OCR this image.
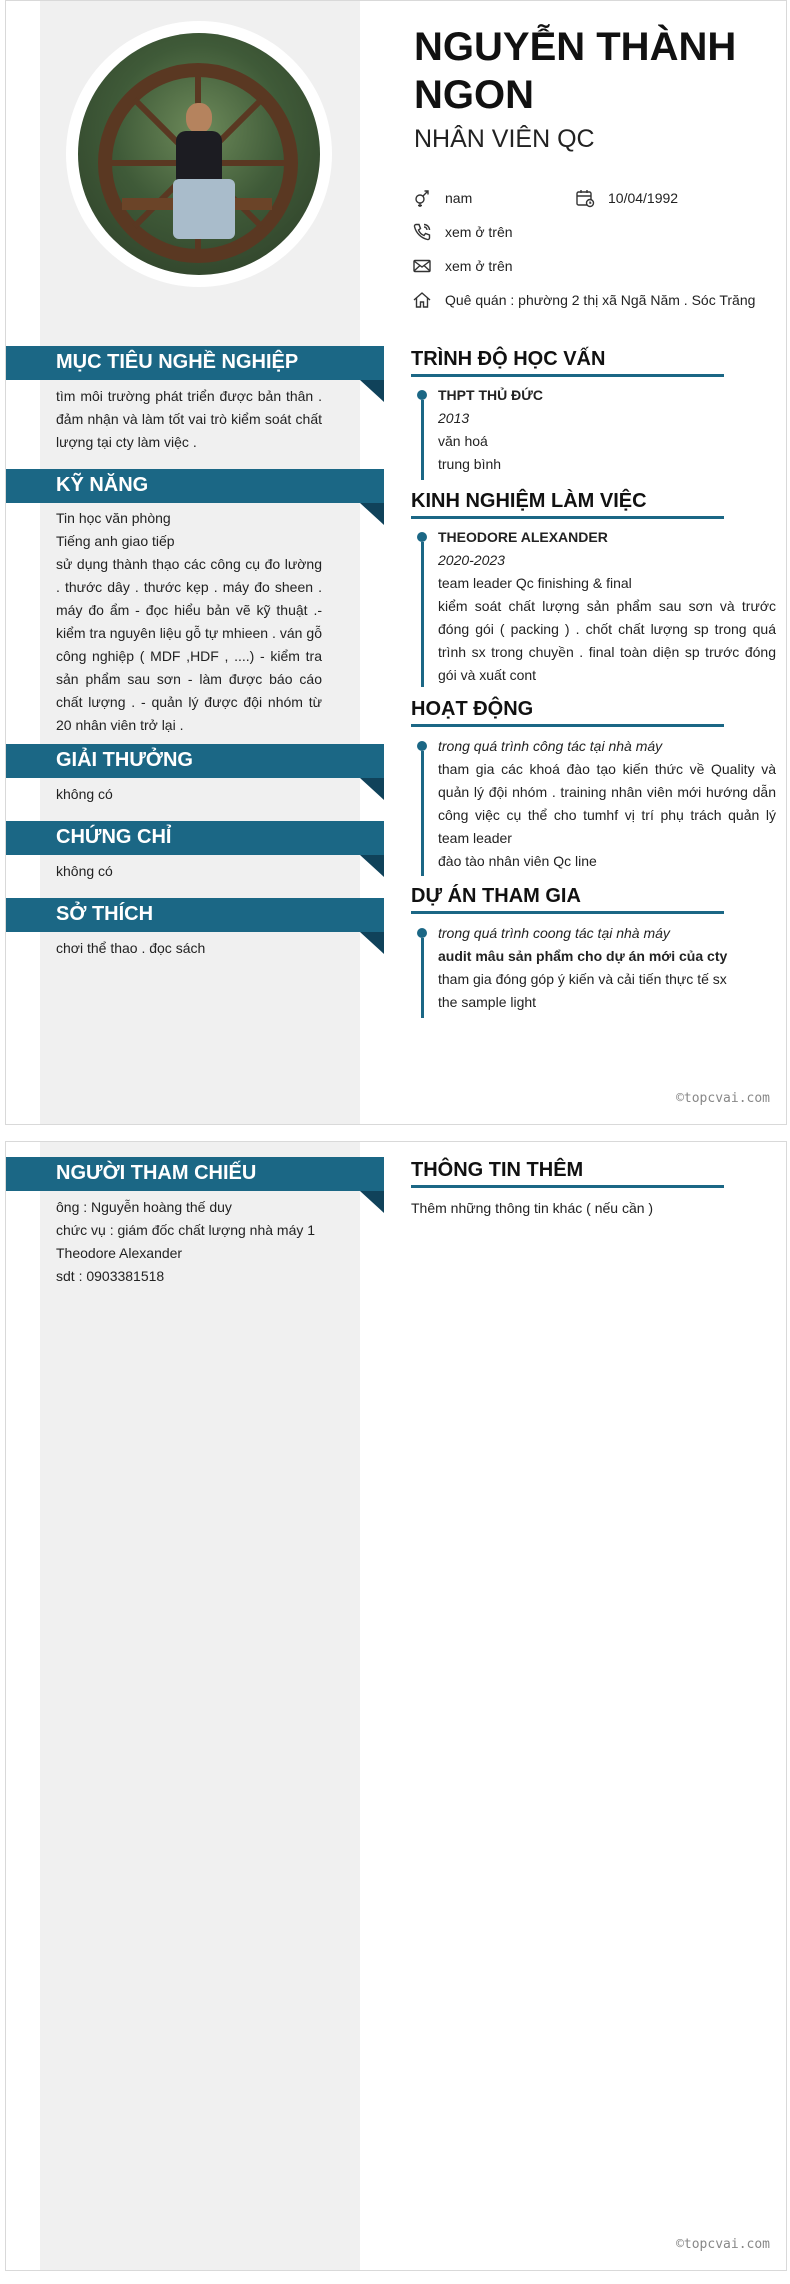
NGUYỄN THÀNH NGON
NHÂN VIÊN QC
nam	10/04/1992
xem ở trên
xem ở trên
Quê quán : phường 2 thị xã Ngã Năm . Sóc Trăng
MỤC TIÊU NGHỀ NGHIỆP
tìm môi trường phát triển được bản thân . đảm nhận và làm tốt vai trò kiểm soát chất lượng tại cty làm việc .
KỸ NĂNG
Tin học văn phòng
Tiếng anh giao tiếp
sử dụng thành thạo các công cụ đo lường . thước dây . thước kẹp . máy đo sheen . máy đo ẩm - đọc hiểu bản vẽ kỹ thuật .- kiểm tra nguyên liệu gỗ tự mhieen . ván gỗ công nghiệp ( MDF ,HDF , ....) - kiểm tra sản phẩm sau sơn - làm được báo cáo chất lượng . - quản lý được đội nhóm từ 20 nhân viên trở lại .
GIẢI THƯỞNG
không có
CHỨNG CHỈ
không có
SỞ THÍCH
chơi thể thao . đọc sách
TRÌNH ĐỘ HỌC VẤN
THPT THỦ ĐỨC
2013
văn hoá
trung bình
KINH NGHIỆM LÀM VIỆC
THEODORE ALEXANDER
2020-2023
team leader Qc finishing & final
kiểm soát chất lượng sản phẩm sau sơn và trước đóng gói ( packing ) . chốt chất lượng sp trong quá trình sx trong chuyền . final toàn diện sp trước đóng gói và xuất cont
HOẠT ĐỘNG
trong quá trình công tác tại nhà máy
tham gia các khoá đào tạo kiến thức về Quality và quản lý đội nhóm . training nhân viên mới hướng dẫn công việc cụ thể cho tumhf vị trí phụ trách quản lý team leader
đào tào nhân viên Qc line
DỰ ÁN THAM GIA
trong quá trình coong tác tại nhà máy
audit mâu sản phẩm cho dự án mới của cty
tham gia đóng góp ý kiến và cải tiến thực tế sx
the sample light
©topcvai.com
NGƯỜI THAM CHIẾU
ông : Nguyễn hoàng thế duy
chức vụ : giám đốc chất lượng nhà máy 1
Theodore Alexander
sdt : 0903381518
THÔNG TIN THÊM
Thêm những thông tin khác ( nếu cần )
©topcvai.com
